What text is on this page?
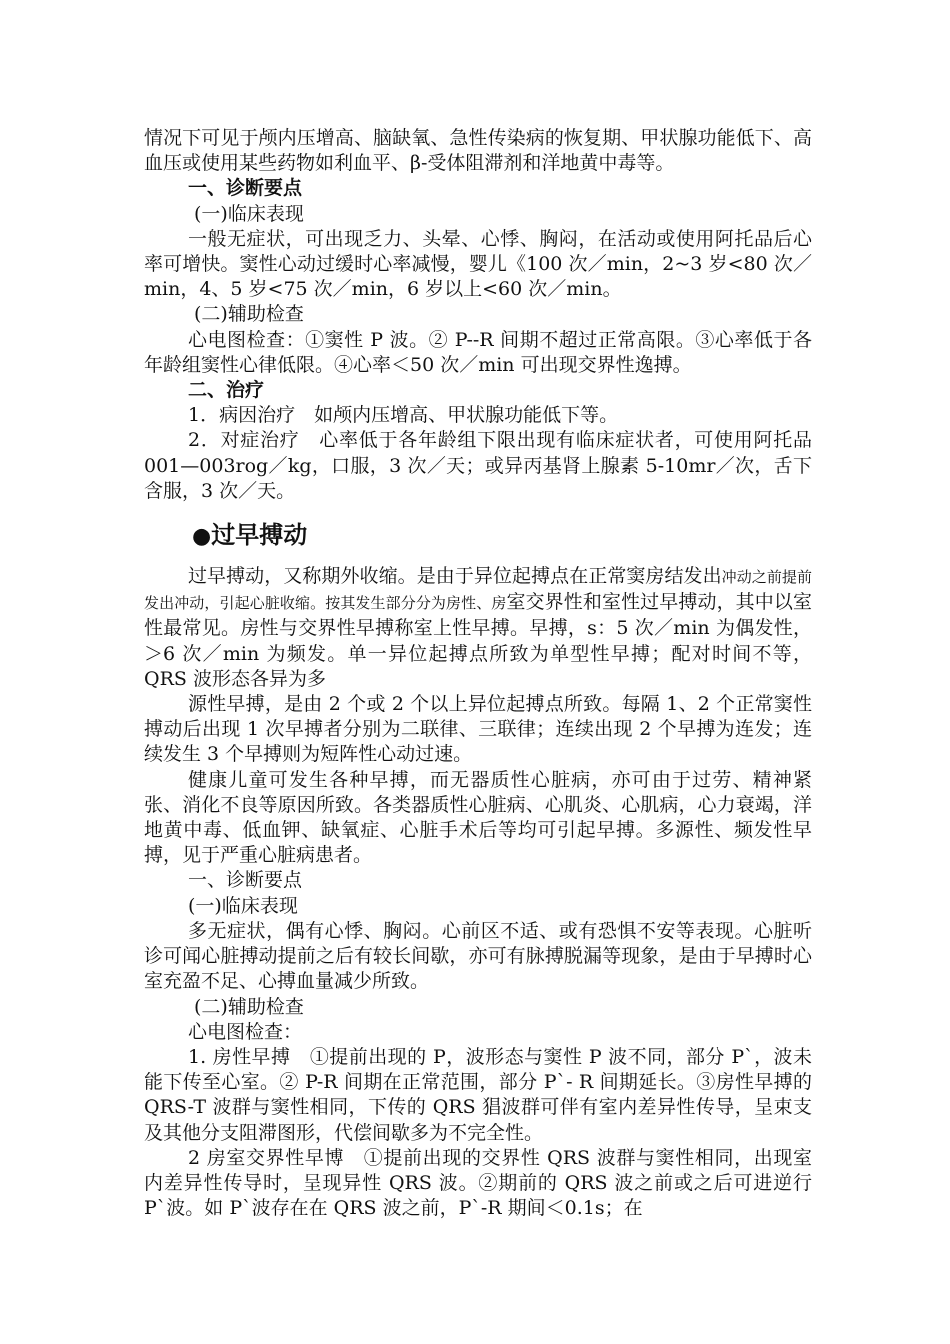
情况下可见于颅内压增高、脑缺氧、急性传染病的恢复期、甲状腺功能低下、高血压或使用某些药物如利血平、β-受体阻滞剂和洋地黄中毒等。

一、诊断要点

(一)临床表现

一般无症状，可出现乏力、头晕、心悸、胸闷，在活动或使用阿托品后心率可增快。窦性心动过缓时心率减慢，婴儿《100 次／min，2~3 岁<80 次／min，4、5 岁<75 次／min，6 岁以上<60 次／min。

(二)辅助检查

心电图检查：①窦性 P 波。② P--R 间期不超过正常高限。③心率低于各年龄组窦性心律低限。④心率＜50 次／min 可出现交界性逸搏。

二、治疗

1．病因治疗　如颅内压增高、甲状腺功能低下等。

2．对症治疗　心率低于各年龄组下限出现有临床症状者，可使用阿托品 001—003rog／kg，口服，3 次／天；或异丙基肾上腺素 5-10mr／次，舌下含服，3 次／天。

●过早搏动

过早搏动，又称期外收缩。是由于异位起搏点在正常窦房结发出冲动之前提前发出冲动，引起心脏收缩。按其发生部分分为房性、房室交界性和室性过早搏动，其中以室性最常见。房性与交界性早搏称室上性早搏。早搏，s：5 次／min 为偶发性，＞6 次／min 为频发。单一异位起搏点所致为单型性早搏；配对时间不等，QRS 波形态各异为多

源性早搏，是由 2 个或 2 个以上异位起搏点所致。每隔 1、2 个正常窦性搏动后出现 1 次早搏者分别为二联律、三联律；连续出现 2 个早搏为连发；连续发生 3 个早搏则为短阵性心动过速。

健康儿童可发生各种早搏，而无器质性心脏病，亦可由于过劳、精神紧张、消化不良等原因所致。各类器质性心脏病、心肌炎、心肌病，心力衰竭，洋地黄中毒、低血钾、缺氧症、心脏手术后等均可引起早搏。多源性、频发性早搏，见于严重心脏病患者。

一、诊断要点

(一)临床表现

多无症状，偶有心悸、胸闷。心前区不适、或有恐惧不安等表现。心脏听诊可闻心脏搏动提前之后有较长间歇，亦可有脉搏脱漏等现象，是由于早搏时心室充盈不足、心搏血量减少所致。

(二)辅助检查

心电图检查：

1. 房性早搏　①提前出现的 P，波形态与窦性 P 波不同，部分 P`，波未能下传至心室。② P-R 间期在正常范围，部分 P`- R 间期延长。③房性早搏的 QRS-T 波群与窦性相同，下传的 QRS 猖波群可伴有室内差异性传导，呈束支及其他分支阻滞图形，代偿间歇多为不完全性。

2 房室交界性早博　①提前出现的交界性 QRS 波群与窦性相同，出现室内差异性传导时，呈现异性 QRS 波。②期前的 QRS 波之前或之后可进逆行 P`波。如 P`波存在在 QRS 波之前，P`-R 期间＜0.1s；在
